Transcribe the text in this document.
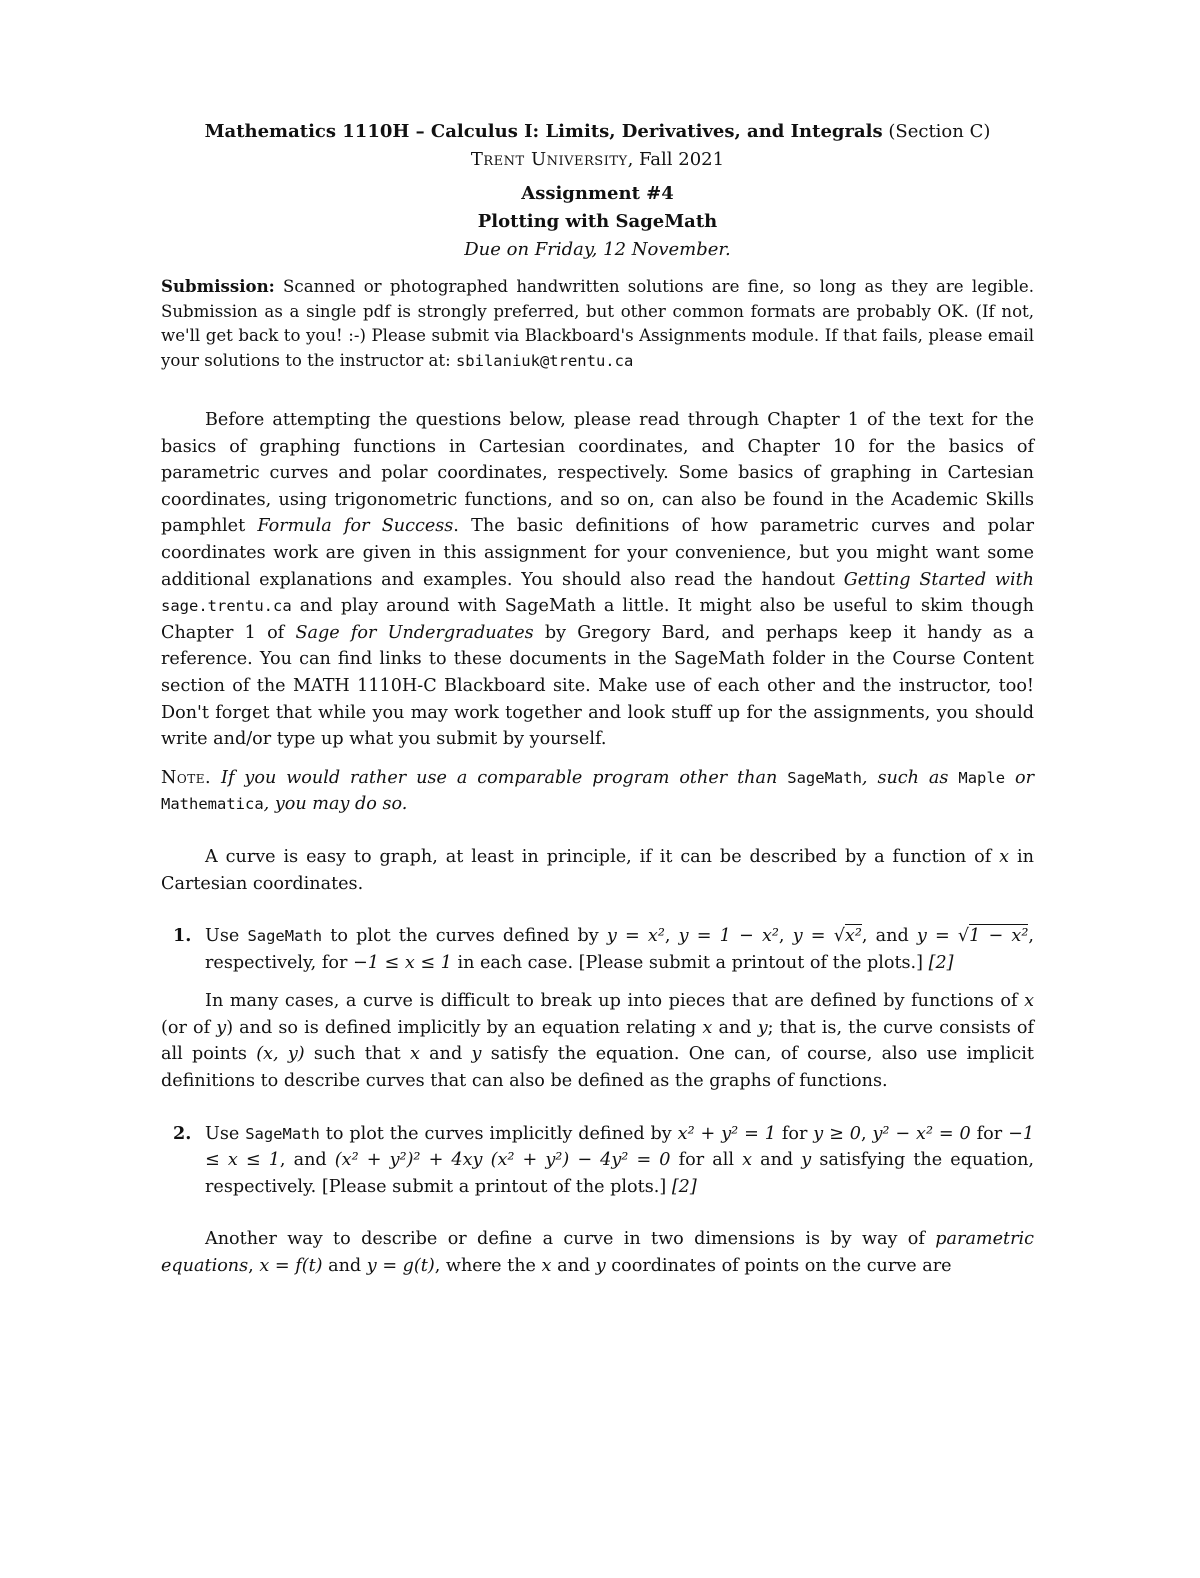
Mathematics 1110H – Calculus I: Limits, Derivatives, and Integrals (Section C)
Trent University, Fall 2021
Assignment #4
Plotting with SageMath
Due on Friday, 12 November.

Submission: Scanned or photographed handwritten solutions are fine, so long as they are legible. Submission as a single pdf is strongly preferred, but other common formats are probably OK. (If not, we'll get back to you! :-) Please submit via Blackboard's Assignments module. If that fails, please email your solutions to the instructor at: sbilaniuk@trentu.ca

Before attempting the questions below, please read through Chapter 1 of the text for the basics of graphing functions in Cartesian coordinates, and Chapter 10 for the basics of parametric curves and polar coordinates, respectively. Some basics of graphing in Cartesian coordinates, using trigonometric functions, and so on, can also be found in the Academic Skills pamphlet Formula for Success. The basic definitions of how parametric curves and polar coordinates work are given in this assignment for your convenience, but you might want some additional explanations and examples. You should also read the handout Getting Started with sage.trentu.ca and play around with SageMath a little. It might also be useful to skim though Chapter 1 of Sage for Undergraduates by Gregory Bard, and perhaps keep it handy as a reference. You can find links to these documents in the SageMath folder in the Course Content section of the MATH 1110H-C Blackboard site. Make use of each other and the instructor, too! Don't forget that while you may work together and look stuff up for the assignments, you should write and/or type up what you submit by yourself.

Note. If you would rather use a comparable program other than SageMath, such as Maple or Mathematica, you may do so.

A curve is easy to graph, at least in principle, if it can be described by a function of x in Cartesian coordinates.

1. Use SageMath to plot the curves defined by y = x², y = 1 − x², y = √x², and y = √1 − x², respectively, for −1 ≤ x ≤ 1 in each case. [Please submit a printout of the plots.] [2]

In many cases, a curve is difficult to break up into pieces that are defined by functions of x (or of y) and so is defined implicitly by an equation relating x and y; that is, the curve consists of all points (x, y) such that x and y satisfy the equation. One can, of course, also use implicit definitions to describe curves that can also be defined as the graphs of functions.

2. Use SageMath to plot the curves implicitly defined by x² + y² = 1 for y ≥ 0, y² − x² = 0 for −1 ≤ x ≤ 1, and (x² + y²)² + 4xy (x² + y²) − 4y² = 0 for all x and y satisfying the equation, respectively. [Please submit a printout of the plots.] [2]

Another way to describe or define a curve in two dimensions is by way of parametric equations, x = f(t) and y = g(t), where the x and y coordinates of points on the curve are
